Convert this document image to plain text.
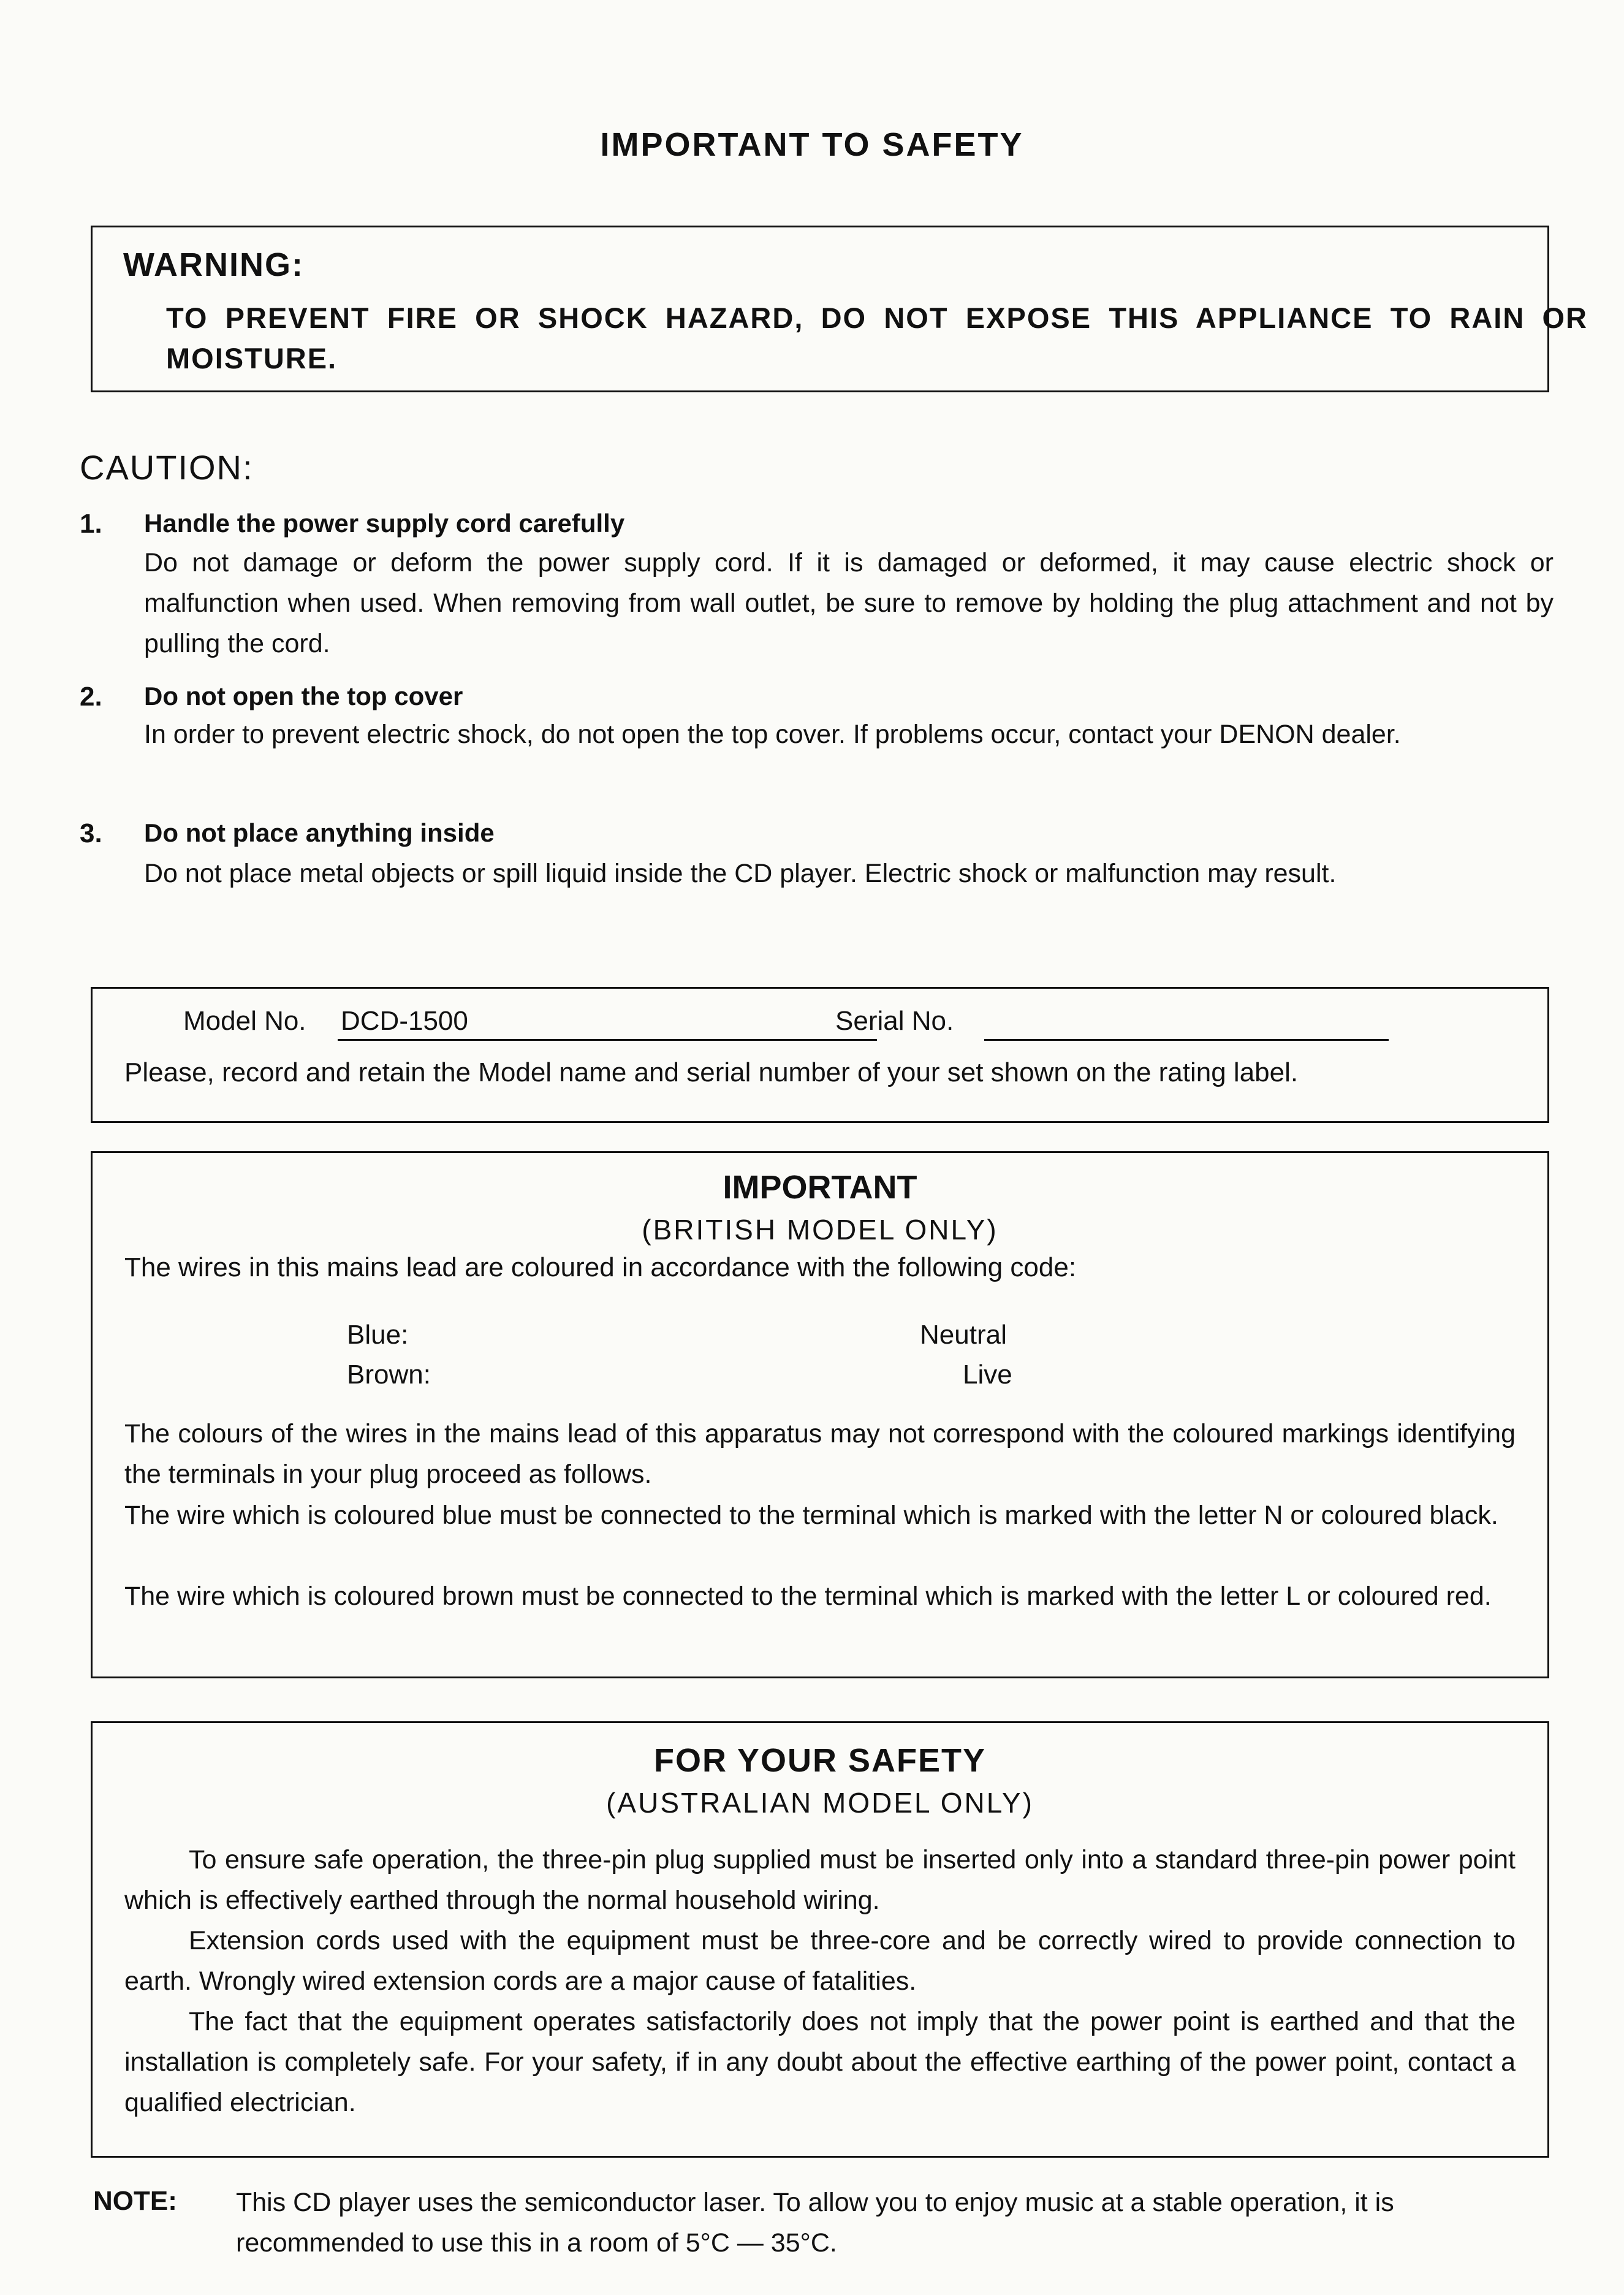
IMPORTANT TO SAFETY
WARNING:
TO PREVENT FIRE OR SHOCK HAZARD, DO NOT EXPOSE THIS APPLIANCE TO RAIN OR MOISTURE.
CAUTION:
1. Handle the power supply cord carefully
Do not damage or deform the power supply cord. If it is damaged or deformed, it may cause electric shock or malfunction when used. When removing from wall outlet, be sure to remove by holding the plug attachment and not by pulling the cord.
2. Do not open the top cover
In order to prevent electric shock, do not open the top cover. If problems occur, contact your DENON dealer.
3. Do not place anything inside
Do not place metal objects or spill liquid inside the CD player. Electric shock or malfunction may result.
Model No. DCD-1500	Serial No.
Please, record and retain the Model name and serial number of your set shown on the rating label.
IMPORTANT
(BRITISH MODEL ONLY)
The wires in this mains lead are coloured in accordance with the following code:
Blue:	Neutral
Brown:	Live
The colours of the wires in the mains lead of this apparatus may not correspond with the coloured markings identifying the terminals in your plug proceed as follows.
The wire which is coloured blue must be connected to the terminal which is marked with the letter N or coloured black.
The wire which is coloured brown must be connected to the terminal which is marked with the letter L or coloured red.
FOR YOUR SAFETY
(AUSTRALIAN MODEL ONLY)
To ensure safe operation, the three-pin plug supplied must be inserted only into a standard three-pin power point which is effectively earthed through the normal household wiring.
Extension cords used with the equipment must be three-core and be correctly wired to provide connection to earth. Wrongly wired extension cords are a major cause of fatalities.
The fact that the equipment operates satisfactorily does not imply that the power point is earthed and that the installation is completely safe. For your safety, if in any doubt about the effective earthing of the power point, contact a qualified electrician.
NOTE: This CD player uses the semiconductor laser. To allow you to enjoy music at a stable operation, it is recommended to use this in a room of 5°C — 35°C.
